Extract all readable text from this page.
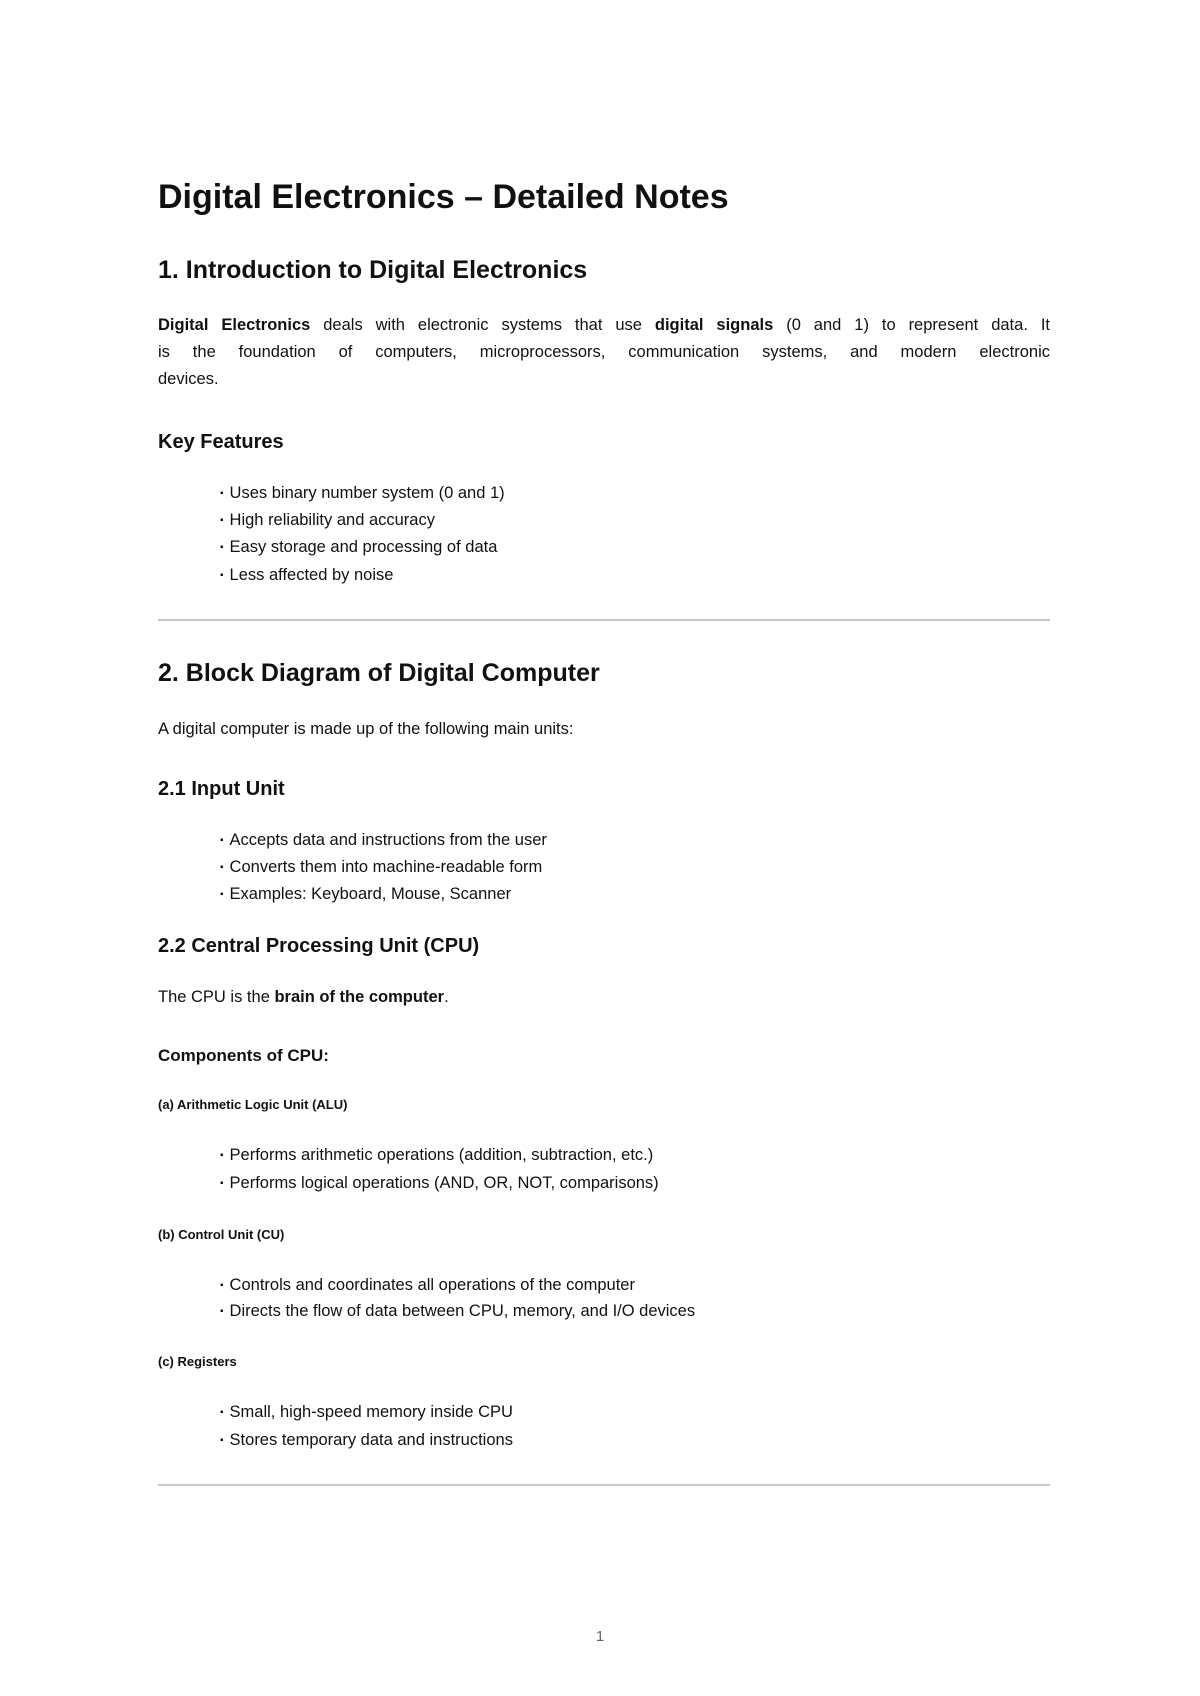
Digital Electronics – Detailed Notes
1. Introduction to Digital Electronics
Digital Electronics deals with electronic systems that use digital signals (0 and 1) to represent data. It
is the foundation of computers, microprocessors, communication systems, and modern electronic
devices.
Key Features
▪ Uses binary number system (0 and 1)
▪ High reliability and accuracy
▪ Easy storage and processing of data
▪ Less affected by noise
2. Block Diagram of Digital Computer
A digital computer is made up of the following main units:
2.1 Input Unit
▪ Accepts data and instructions from the user
▪ Converts them into machine-readable form
▪ Examples: Keyboard, Mouse, Scanner
2.2 Central Processing Unit (CPU)
The CPU is the brain of the computer.
Components of CPU:
(a) Arithmetic Logic Unit (ALU)
▪ Performs arithmetic operations (addition, subtraction, etc.)
▪ Performs logical operations (AND, OR, NOT, comparisons)
(b) Control Unit (CU)
▪ Controls and coordinates all operations of the computer
▪ Directs the flow of data between CPU, memory, and I/O devices
(c) Registers
▪ Small, high-speed memory inside CPU
▪ Stores temporary data and instructions
1
